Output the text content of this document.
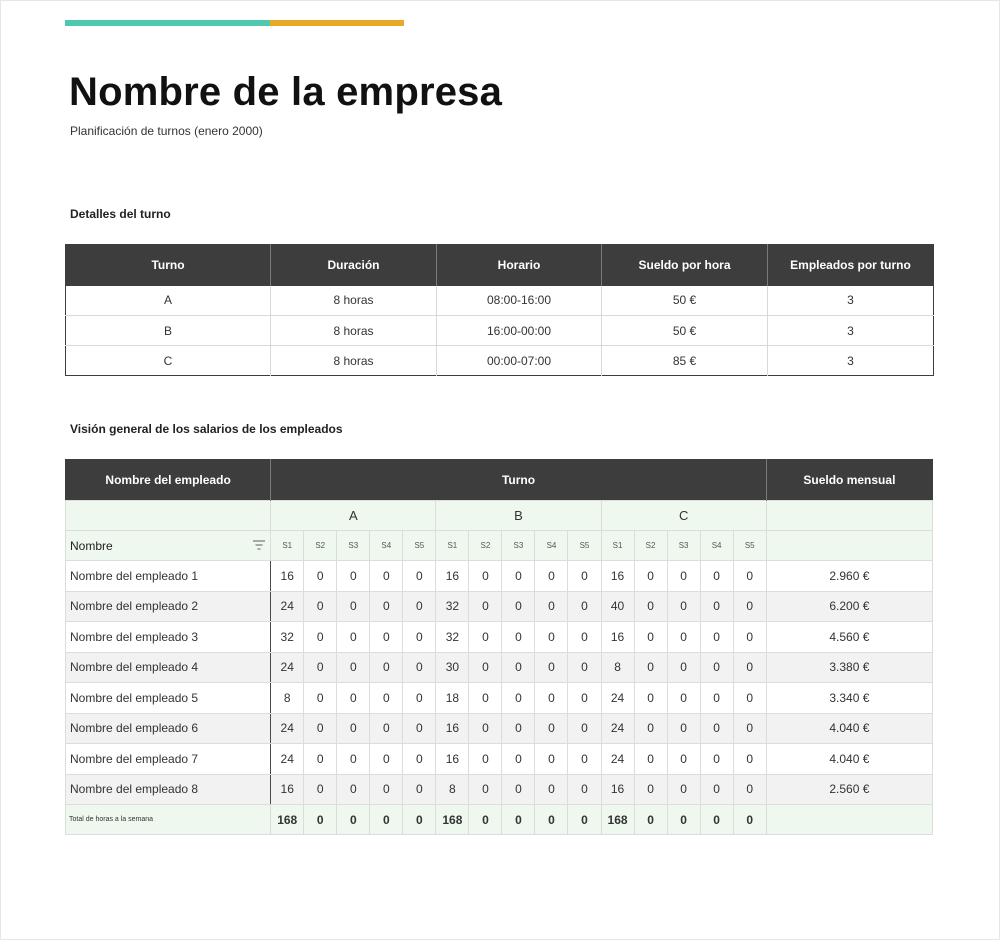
Nombre de la empresa
Planificación de turnos (enero 2000)
Detalles del turno
Turno	Duración	Horario	Sueldo por hora	Empleados por turno
A	8 horas	08:00-16:00	50 €	3
B	8 horas	16:00-00:00	50 €	3
C	8 horas	00:00-07:00	85 €	3
Visión general de los salarios de los empleados
Nombre del empleado	Turno															Sueldo mensual
	A					B					C					
Nombre	S1	S2	S3	S4	S5	S1	S2	S3	S4	S5	S1	S2	S3	S4	S5	
Nombre del empleado 1	16	0	0	0	0	16	0	0	0	0	16	0	0	0	0	2.960 €
Nombre del empleado 2	24	0	0	0	0	32	0	0	0	0	40	0	0	0	0	6.200 €
Nombre del empleado 3	32	0	0	0	0	32	0	0	0	0	16	0	0	0	0	4.560 €
Nombre del empleado 4	24	0	0	0	0	30	0	0	0	0	8	0	0	0	0	3.380 €
Nombre del empleado 5	8	0	0	0	0	18	0	0	0	0	24	0	0	0	0	3.340 €
Nombre del empleado 6	24	0	0	0	0	16	0	0	0	0	24	0	0	0	0	4.040 €
Nombre del empleado 7	24	0	0	0	0	16	0	0	0	0	24	0	0	0	0	4.040 €
Nombre del empleado 8	16	0	0	0	0	8	0	0	0	0	16	0	0	0	0	2.560 €
Total de horas a la semana	168	0	0	0	0	168	0	0	0	0	168	0	0	0	0	
